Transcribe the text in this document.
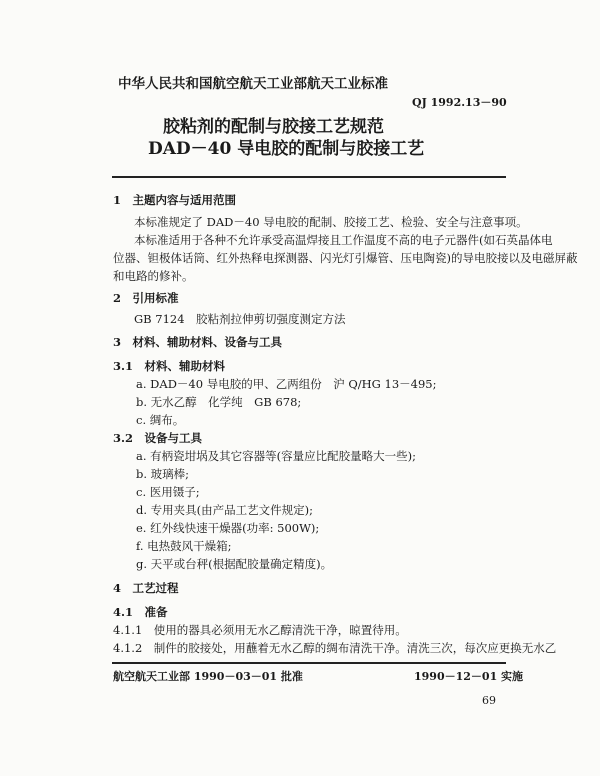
中华人民共和国航空航天工业部航天工业标准
QJ 1992.13－90
胶粘剂的配制与胶接工艺规范
DAD－40 导电胶的配制与胶接工艺
1　主题内容与适用范围
本标准规定了 DAD－40 导电胶的配制、胶接工艺、检验、安全与注意事项。
本标准适用于各种不允许承受高温焊接且工作温度不高的电子元器件(如石英晶体电
位器、钽极体话筒、红外热释电探测器、闪光灯引爆管、压电陶瓷)的导电胶接以及电磁屏蔽
和电路的修补。
2　引用标准
GB 7124　胶粘剂拉伸剪切强度测定方法
3　材料、辅助材料、设备与工具
3.1　材料、辅助材料
a. DAD－40 导电胶的甲、乙两组份　沪 Q/HG 13－495;
b. 无水乙醇　化学纯　GB 678;
c. 绸布。
3.2　设备与工具
a. 有柄瓷坩埚及其它容器等(容量应比配胶量略大一些);
b. 玻璃棒;
c. 医用镊子;
d. 专用夹具(由产品工艺文件规定);
e. 红外线快速干燥器(功率: 500W);
f. 电热鼓风干燥箱;
g. 天平或台秤(根据配胶量确定精度)。
4　工艺过程
4.1　准备
4.1.1　使用的器具必须用无水乙醇清洗干净，晾置待用。
4.1.2　制件的胶接处，用蘸着无水乙醇的绸布清洗干净。清洗三次，每次应更换无水乙
航空航天工业部 1990－03－01 批准	1990－12－01 实施
69
